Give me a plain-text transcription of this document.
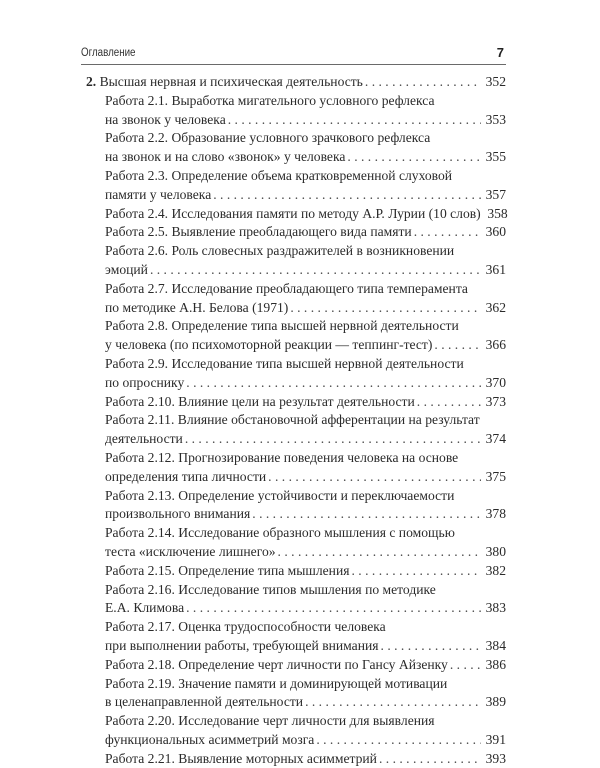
Оглавление	7
2. Высшая нервная и психическая деятельность . . .	352
Работа 2.1. Выработка мигательного условного рефлекса
на звонок у человека . . .	353
Работа 2.2. Образование условного зрачкового рефлекса
на звонок и на слово «звонок» у человека . . .	355
Работа 2.3. Определение объема кратковременной слуховой
памяти у человека . . .	357
Работа 2.4. Исследования памяти по методу А.Р. Лурии (10 слов) 358
Работа 2.5. Выявление преобладающего вида памяти . . .	360
Работа 2.6. Роль словесных раздражителей в возникновении
эмоций . . .	361
Работа 2.7. Исследование преобладающего типа темперамента
по методике А.Н. Белова (1971) . . .	362
Работа 2.8. Определение типа высшей нервной деятельности
у человека (по психомоторной реакции — теппинг-тест) . . .	366
Работа 2.9. Исследование типа высшей нервной деятельности
по опроснику . . .	370
Работа 2.10. Влияние цели на результат деятельности . . .	373
Работа 2.11. Влияние обстановочной афферентации на результат
деятельности . . .	374
Работа 2.12. Прогнозирование поведения человека на основе
определения типа личности . . .	375
Работа 2.13. Определение устойчивости и переключаемости
произвольного внимания . . .	378
Работа 2.14. Исследование образного мышления с помощью
теста «исключение лишнего» . . .	380
Работа 2.15. Определение типа мышления . . .	382
Работа 2.16. Исследование типов мышления по методике
Е.А. Климова . . .	383
Работа 2.17. Оценка трудоспособности человека
при выполнении работы, требующей внимания . . .	384
Работа 2.18. Определение черт личности по Гансу Айзенку . . .	386
Работа 2.19. Значение памяти и доминирующей мотивации
в целенаправленной деятельности . . .	389
Работа 2.20. Исследование черт личности для выявления
функциональных асимметрий мозга . . .	391
Работа 2.21. Выявление моторных асимметрий . . .	393
